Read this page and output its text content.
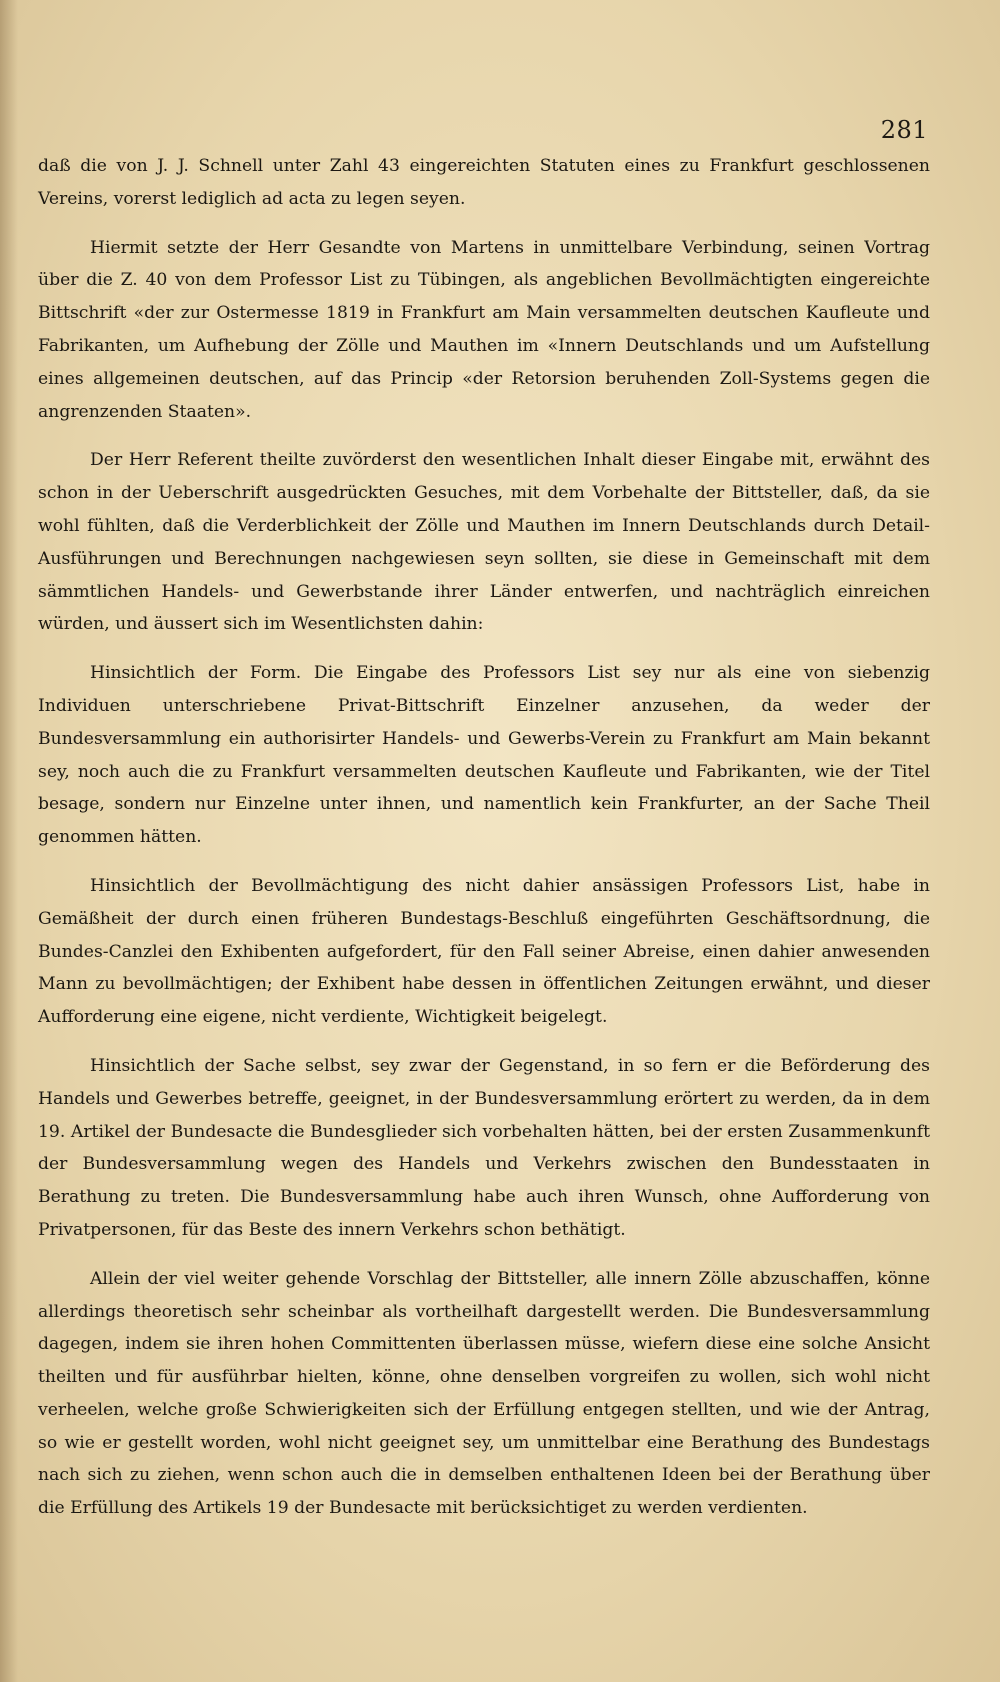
281

daß die von J. J. Schnell unter Zahl 43 eingereichten Statuten eines zu Frankfurt geschlossenen Vereins, vorerst lediglich ad acta zu legen seyen.

Hiermit setzte der Herr Gesandte von Martens in unmittelbare Verbindung, seinen Vortrag über die Z. 40 von dem Professor List zu Tübingen, als angeblichen Bevollmächtigten eingereichte Bittschrift «der zur Ostermesse 1819 in Frankfurt am Main versammelten deutschen Kaufleute und Fabrikanten, um Aufhebung der Zölle und Mauthen im «Innern Deutschlands und um Aufstellung eines allgemeinen deutschen, auf das Princip «der Retorsion beruhenden Zoll-Systems gegen die angrenzenden Staaten».

Der Herr Referent theilte zuvörderst den wesentlichen Inhalt dieser Eingabe mit, erwähnt des schon in der Ueberschrift ausgedrückten Gesuches, mit dem Vorbehalte der Bittsteller, daß, da sie wohl fühlten, daß die Verderblichkeit der Zölle und Mauthen im Innern Deutschlands durch Detail-Ausführungen und Berechnungen nachgewiesen seyn sollten, sie diese in Gemeinschaft mit dem sämmtlichen Handels- und Gewerbstande ihrer Länder entwerfen, und nachträglich einreichen würden, und äussert sich im Wesentlichsten dahin:

Hinsichtlich der Form. Die Eingabe des Professors List sey nur als eine von siebenzig Individuen unterschriebene Privat-Bittschrift Einzelner anzusehen, da weder der Bundesversammlung ein authorisirter Handels- und Gewerbs-Verein zu Frankfurt am Main bekannt sey, noch auch die zu Frankfurt versammelten deutschen Kaufleute und Fabrikanten, wie der Titel besage, sondern nur Einzelne unter ihnen, und namentlich kein Frankfurter, an der Sache Theil genommen hätten.

Hinsichtlich der Bevollmächtigung des nicht dahier ansässigen Professors List, habe in Gemäßheit der durch einen früheren Bundestags-Beschluß eingeführten Geschäftsordnung, die Bundes-Canzlei den Exhibenten aufgefordert, für den Fall seiner Abreise, einen dahier anwesenden Mann zu bevollmächtigen; der Exhibent habe dessen in öffentlichen Zeitungen erwähnt, und dieser Aufforderung eine eigene, nicht verdiente, Wichtigkeit beigelegt.

Hinsichtlich der Sache selbst, sey zwar der Gegenstand, in so fern er die Beförderung des Handels und Gewerbes betreffe, geeignet, in der Bundesversammlung erörtert zu werden, da in dem 19. Artikel der Bundesacte die Bundesglieder sich vorbehalten hätten, bei der ersten Zusammenkunft der Bundesversammlung wegen des Handels und Verkehrs zwischen den Bundesstaaten in Berathung zu treten. Die Bundesversammlung habe auch ihren Wunsch, ohne Aufforderung von Privatpersonen, für das Beste des innern Verkehrs schon bethätigt.

Allein der viel weiter gehende Vorschlag der Bittsteller, alle innern Zölle abzuschaffen, könne allerdings theoretisch sehr scheinbar als vortheilhaft dargestellt werden. Die Bundesversammlung dagegen, indem sie ihren hohen Committenten überlassen müsse, wiefern diese eine solche Ansicht theilten und für ausführbar hielten, könne, ohne denselben vorgreifen zu wollen, sich wohl nicht verheelen, welche große Schwierigkeiten sich der Erfüllung entgegen stellten, und wie der Antrag, so wie er gestellt worden, wohl nicht geeignet sey, um unmittelbar eine Berathung des Bundestags nach sich zu ziehen, wenn schon auch die in demselben enthaltenen Ideen bei der Berathung über die Erfüllung des Artikels 19 der Bundesacte mit berücksichtiget zu werden verdienten.
